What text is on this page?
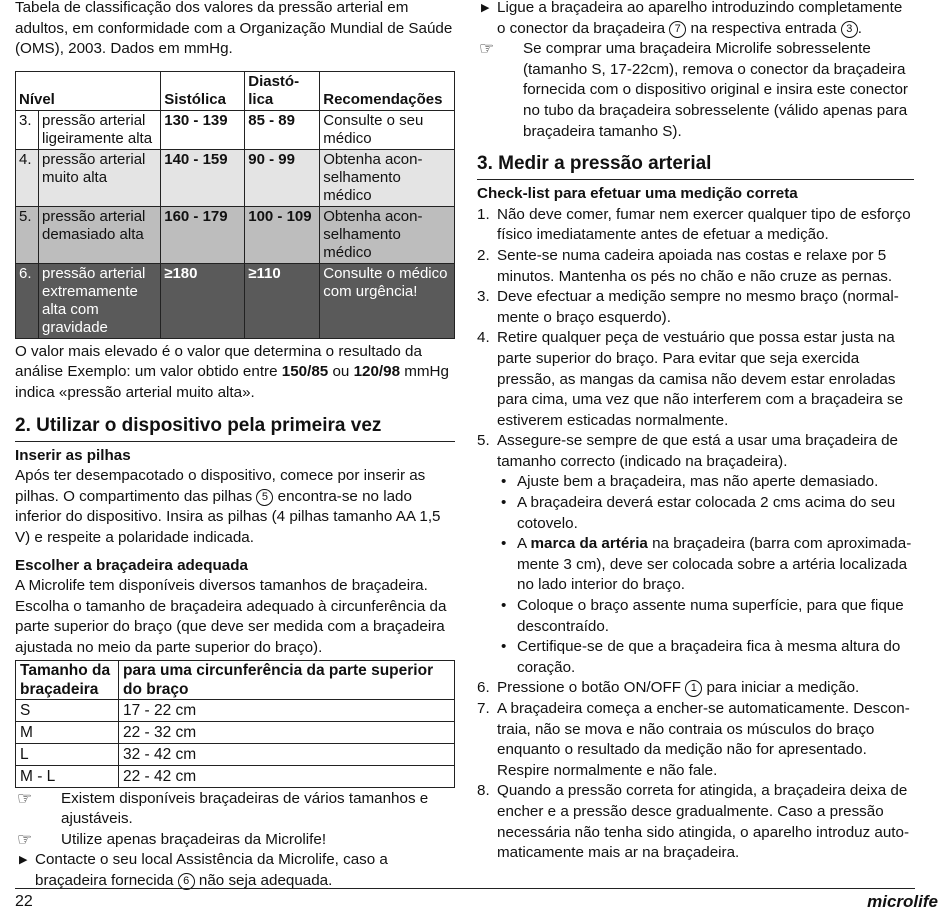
Tabela de classificação dos valores da pressão arterial em adultos, em conformidade com a Organização Mundial de Saúde (OMS), 2003. Dados em mmHg.

Nível		Sistólica	Diastó-lica	Recomendações
3.	pressão arterial ligeiramente alta	130 - 139	85 - 89	Consulte o seu médico
4.	pressão arterial muito alta	140 - 159	90 - 99	Obtenha aconselhamento médico
5.	pressão arterial demasiado alta	160 - 179	100 - 109	Obtenha aconselhamento médico
6.	pressão arterial extremamente alta com gravidade	≥180	≥110	Consulte o médico com urgência!

O valor mais elevado é o valor que determina o resultado da análise Exemplo: um valor obtido entre 150/85 ou 120/98 mmHg indica «pressão arterial muito alta».

2. Utilizar o dispositivo pela primeira vez

Inserir as pilhas

Após ter desempacotado o dispositivo, comece por inserir as pilhas. O compartimento das pilhas 5 encontra-se no lado inferior do dispositivo. Insira as pilhas (4 pilhas tamanho AA 1,5 V) e respeite a polaridade indicada.

Escolher a braçadeira adequada

A Microlife tem disponíveis diversos tamanhos de braçadeira. Escolha o tamanho de braçadeira adequado à circunferência da parte superior do braço (que deve ser medida com a braçadeira ajustada no meio da parte superior do braço).

Tamanho da braçadeira	para uma circunferência da parte superior do braço
S	17 - 22 cm
M	22 - 32 cm
L	32 - 42 cm
M - L	22 - 42 cm
☞ Existem disponíveis braçadeiras de vários tamanhos e ajustáveis.
☞ Utilize apenas braçadeiras da Microlife!
▶ Contacte o seu local Assistência da Microlife, caso a braçadeira fornecida 6 não seja adequada.
▶ Ligue a braçadeira ao aparelho introduzindo completamente o conector da braçadeira 7 na respectiva entrada 3 .
☞ Se comprar uma braçadeira Microlife sobresselente (tamanho S, 17-22cm), remova o conector da braçadeira fornecida com o dispositivo original e insira este conector no tubo da braçadeira sobresselente (válido apenas para braçadeira tamanho S).

3. Medir a pressão arterial

Check-list para efetuar uma medição correta

1. Não deve comer, fumar nem exercer qualquer tipo de esforço físico imediatamente antes de efetuar a medição.
2. Sente-se numa cadeira apoiada nas costas e relaxe por 5 minutos. Mantenha os pés no chão e não cruze as pernas.
3. Deve efectuar a medição sempre no mesmo braço (normalmente o braço esquerdo).
4. Retire qualquer peça de vestuário que possa estar justa na parte superior do braço. Para evitar que seja exercida pressão, as mangas da camisa não devem estar enroladas para cima, uma vez que não interferem com a braçadeira se estiverem esticadas normalmente.
5. Assegure-se sempre de que está a usar uma braçadeira de tamanho correcto (indicado na braçadeira).
• Ajuste bem a braçadeira, mas não aperte demasiado.
• A braçadeira deverá estar colocada 2 cms acima do seu cotovelo.
• A marca da artéria na braçadeira (barra com aproximadamente 3 cm), deve ser colocada sobre a artéria localizada no lado interior do braço.
• Coloque o braço assente numa superfície, para que fique descontraído.
• Certifique-se de que a braçadeira fica à mesma altura do coração.
6. Pressione o botão ON/OFF 1 para iniciar a medição.
7. A braçadeira começa a encher-se automaticamente. Descontraia, não se mova e não contraia os músculos do braço enquanto o resultado da medição não for apresentado. Respire normalmente e não fale.
8. Quando a pressão correta for atingida, a braçadeira deixa de encher e a pressão desce gradualmente. Caso a pressão necessária não tenha sido atingida, o aparelho introduz automaticamente mais ar na braçadeira.
22	microlife
